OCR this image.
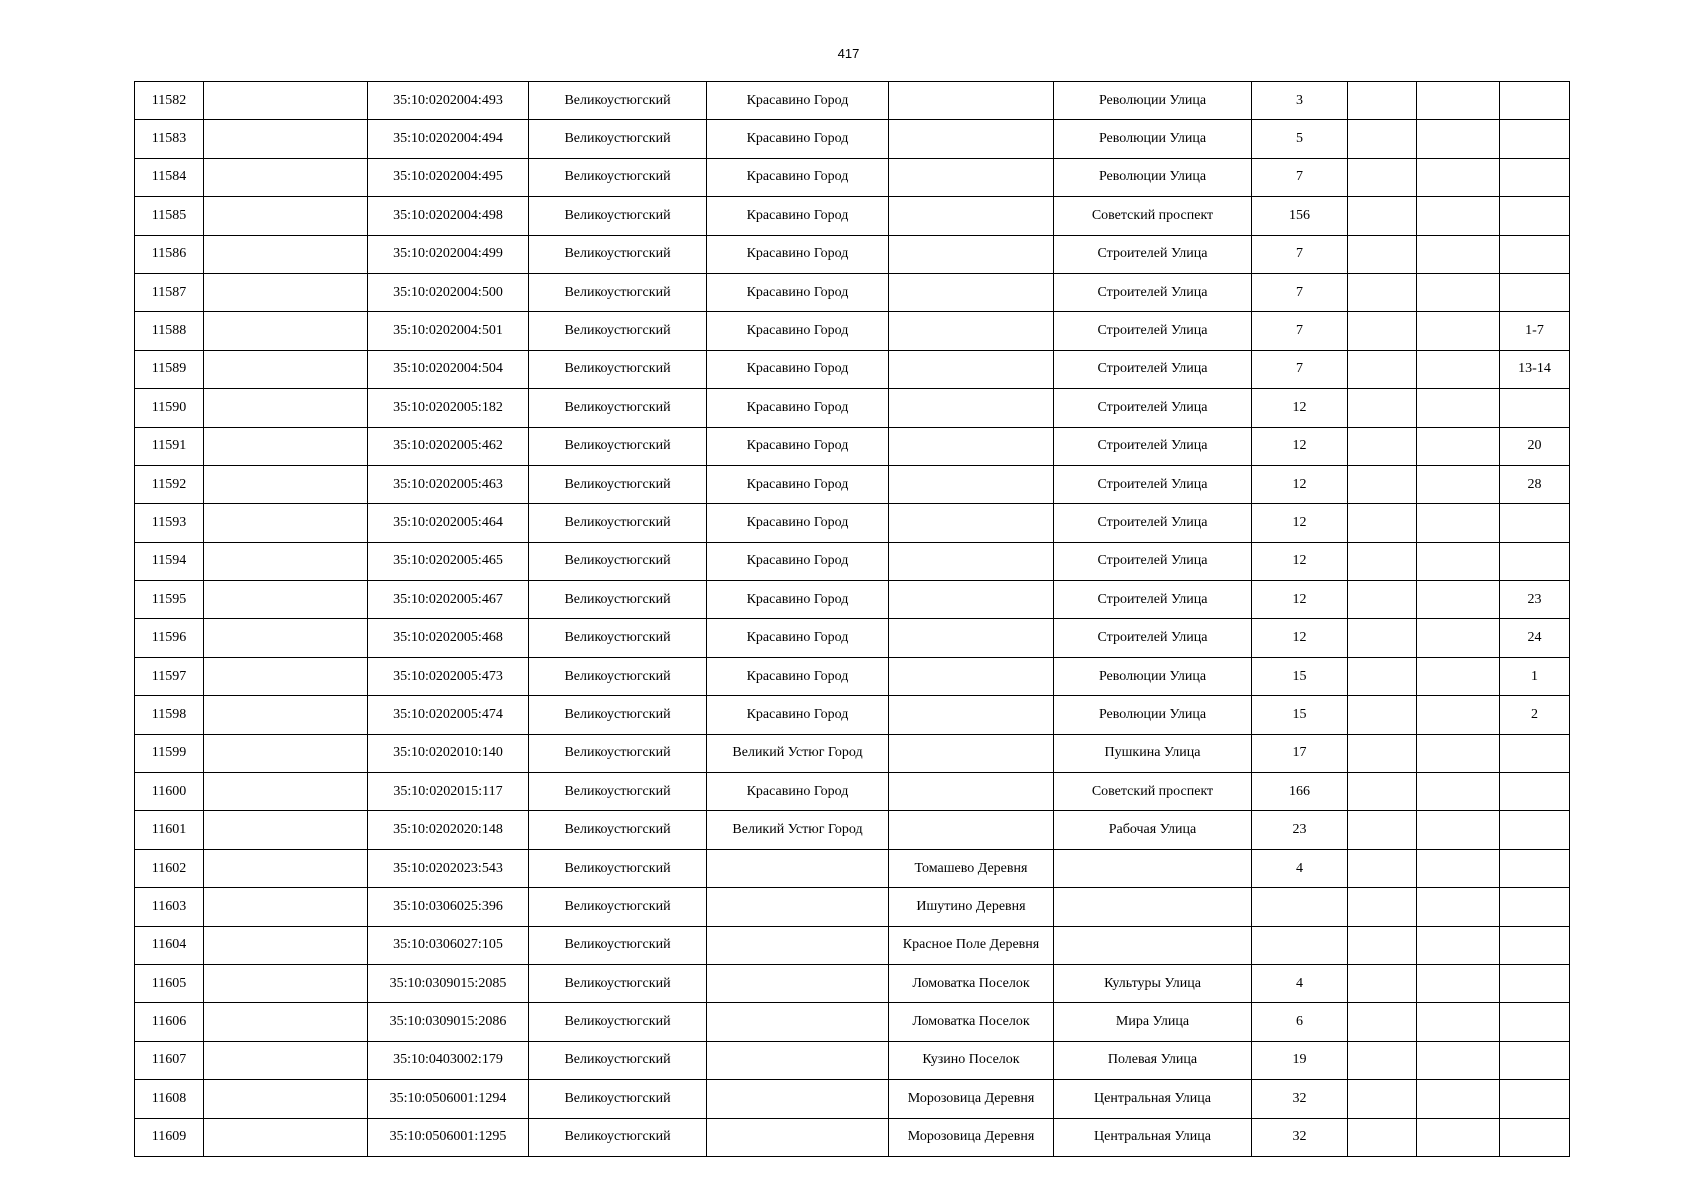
417
11582		35:10:0202004:493	Великоустюгский	Красавино Город		Революции Улица	3			
11583		35:10:0202004:494	Великоустюгский	Красавино Город		Революции Улица	5			
11584		35:10:0202004:495	Великоустюгский	Красавино Город		Революции Улица	7			
11585		35:10:0202004:498	Великоустюгский	Красавино Город		Советский проспект	156			
11586		35:10:0202004:499	Великоустюгский	Красавино Город		Строителей Улица	7			
11587		35:10:0202004:500	Великоустюгский	Красавино Город		Строителей Улица	7			
11588		35:10:0202004:501	Великоустюгский	Красавино Город		Строителей Улица	7			1-7
11589		35:10:0202004:504	Великоустюгский	Красавино Город		Строителей Улица	7			13-14
11590		35:10:0202005:182	Великоустюгский	Красавино Город		Строителей Улица	12			
11591		35:10:0202005:462	Великоустюгский	Красавино Город		Строителей Улица	12			20
11592		35:10:0202005:463	Великоустюгский	Красавино Город		Строителей Улица	12			28
11593		35:10:0202005:464	Великоустюгский	Красавино Город		Строителей Улица	12			
11594		35:10:0202005:465	Великоустюгский	Красавино Город		Строителей Улица	12			
11595		35:10:0202005:467	Великоустюгский	Красавино Город		Строителей Улица	12			23
11596		35:10:0202005:468	Великоустюгский	Красавино Город		Строителей Улица	12			24
11597		35:10:0202005:473	Великоустюгский	Красавино Город		Революции Улица	15			1
11598		35:10:0202005:474	Великоустюгский	Красавино Город		Революции Улица	15			2
11599		35:10:0202010:140	Великоустюгский	Великий Устюг Город		Пушкина Улица	17			
11600		35:10:0202015:117	Великоустюгский	Красавино Город		Советский проспект	166			
11601		35:10:0202020:148	Великоустюгский	Великий Устюг Город		Рабочая Улица	23			
11602		35:10:0202023:543	Великоустюгский		Томашево Деревня		4			
11603		35:10:0306025:396	Великоустюгский		Ишутино Деревня					
11604		35:10:0306027:105	Великоустюгский		Красное Поле Деревня					
11605		35:10:0309015:2085	Великоустюгский		Ломоватка Поселок	Культуры Улица	4			
11606		35:10:0309015:2086	Великоустюгский		Ломоватка Поселок	Мира Улица	6			
11607		35:10:0403002:179	Великоустюгский		Кузино Поселок	Полевая Улица	19			
11608		35:10:0506001:1294	Великоустюгский		Морозовица Деревня	Центральная Улица	32			
11609		35:10:0506001:1295	Великоустюгский		Морозовица Деревня	Центральная Улица	32			
